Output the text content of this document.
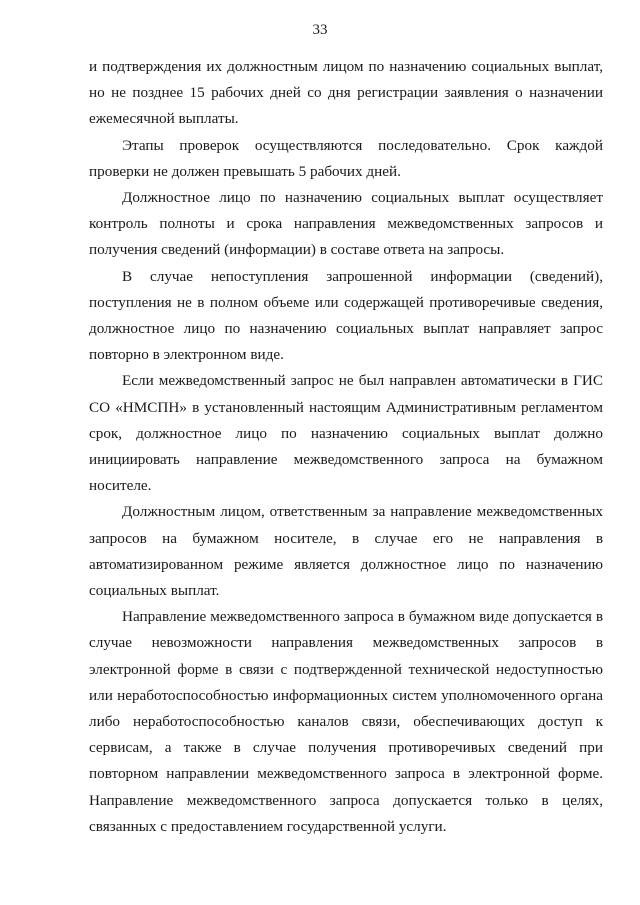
33

и подтверждения их должностным лицом по назначению социальных выплат, но не позднее 15 рабочих дней со дня регистрации заявления о назначении ежемесячной выплаты.

Этапы проверок осуществляются последовательно. Срок каждой проверки не должен превышать 5 рабочих дней.

Должностное лицо по назначению социальных выплат осуществляет контроль полноты и срока направления межведомственных запросов и получения сведений (информации) в составе ответа на запросы.

В случае непоступления запрошенной информации (сведений), поступления не в полном объеме или содержащей противоречивые сведения, должностное лицо по назначению социальных выплат направляет запрос повторно в электронном виде.

Если межведомственный запрос не был направлен автоматически в ГИС СО «НМСПН» в установленный настоящим Административным регламентом срок, должностное лицо по назначению социальных выплат должно инициировать направление межведомственного запроса на бумажном носителе.

Должностным лицом, ответственным за направление межведомственных запросов на бумажном носителе, в случае его не направления в автоматизированном режиме является должностное лицо по назначению социальных выплат.

Направление межведомственного запроса в бумажном виде допускается в случае невозможности направления межведомственных запросов в электронной форме в связи с подтвержденной технической недоступностью или неработоспособностью информационных систем уполномоченного органа либо неработоспособностью каналов связи, обеспечивающих доступ к сервисам, а также в случае получения противоречивых сведений при повторном направлении межведомственного запроса в электронной форме. Направление межведомственного запроса допускается только в целях, связанных с предоставлением государственной услуги.
